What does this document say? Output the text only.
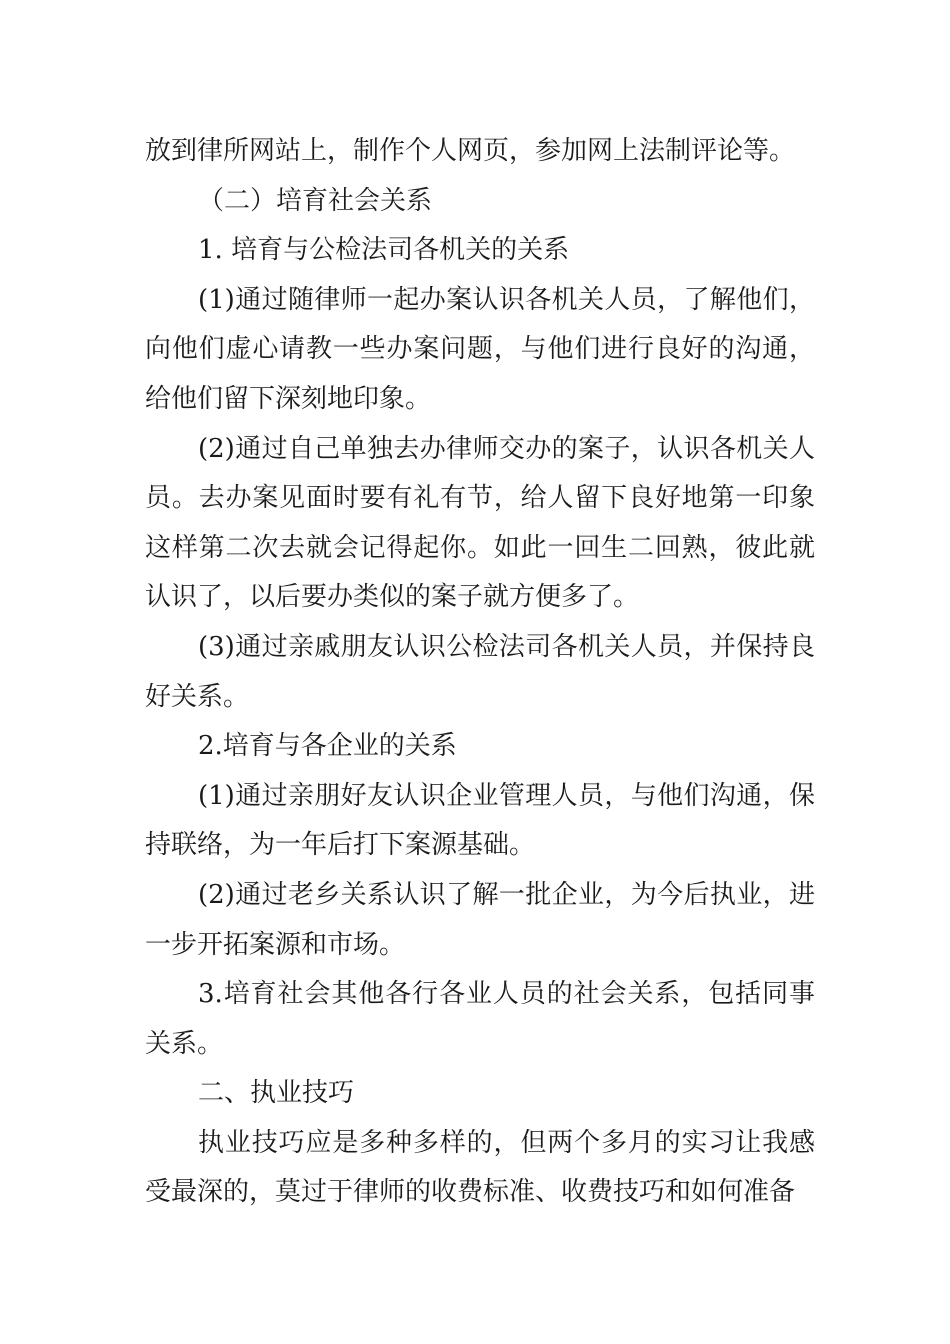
放到律所网站上，制作个人网页，参加网上法制评论等。

（二）培育社会关系

1. 培育与公检法司各机关的关系

(1)通过随律师一起办案认识各机关人员，了解他们，向他们虚心请教一些办案问题，与他们进行良好的沟通，给他们留下深刻地印象。

(2)通过自己单独去办律师交办的案子，认识各机关人员。去办案见面时要有礼有节，给人留下良好地第一印象这样第二次去就会记得起你。如此一回生二回熟，彼此就认识了，以后要办类似的案子就方便多了。

(3)通过亲戚朋友认识公检法司各机关人员，并保持良好关系。

2.培育与各企业的关系

(1)通过亲朋好友认识企业管理人员，与他们沟通，保持联络，为一年后打下案源基础。

(2)通过老乡关系认识了解一批企业，为今后执业，进一步开拓案源和市场。

3.培育社会其他各行各业人员的社会关系，包括同事关系。

二、执业技巧

执业技巧应是多种多样的，但两个多月的实习让我感受最深的，莫过于律师的收费标准、收费技巧和如何准备
